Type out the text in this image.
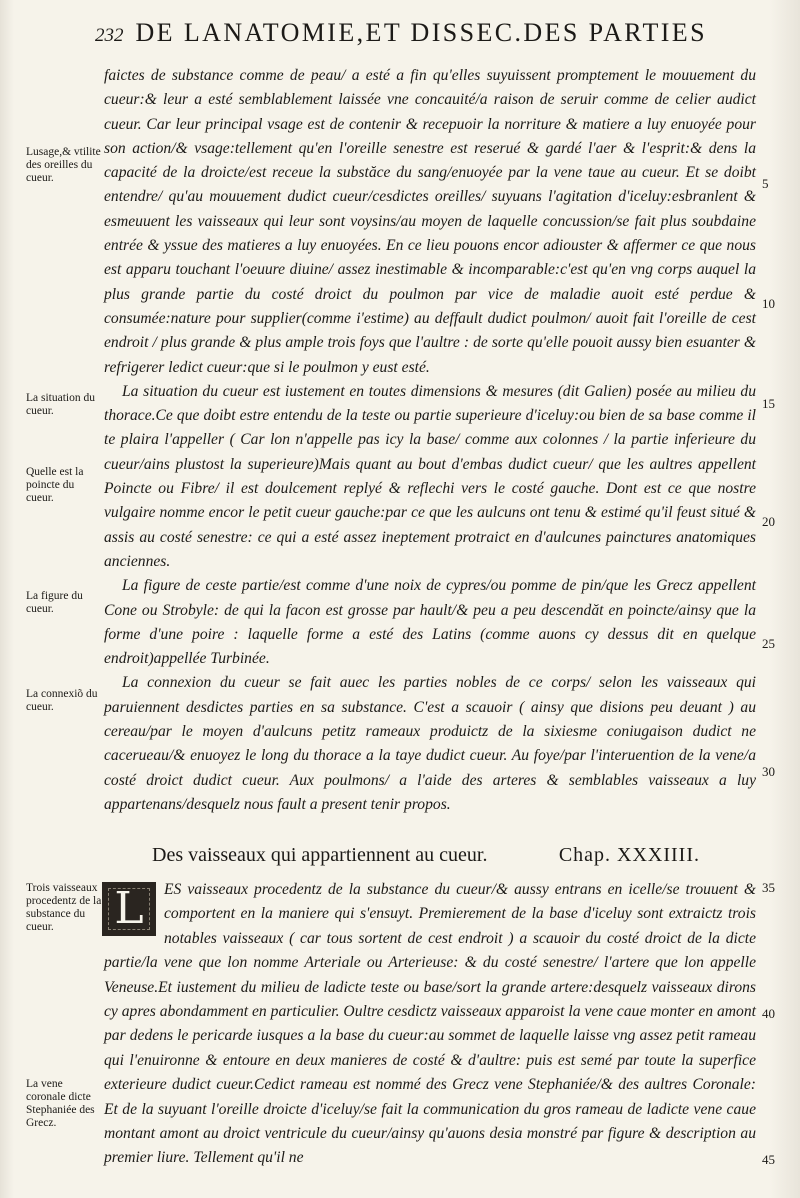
232 DE LANATOMIE,ET DISSEC.DES PARTIES

faictes de substance comme de peau/ a esté a fin qu'elles suyuissent promptement le mouuement du cueur:& leur a esté semblablement laissée vne concauité/a raison de seruir comme de celier audict cueur. Car leur principal vsage est de contenir & recepuoir la norriture & matiere a luy enuoyée pour son action/& vsage:tellement qu'en l'oreille senestre est reserué & gardé l'aer & l'esprit:& dens la capacité de la droicte/est receue la substăce du sang/enuoyée par la vene taue au cueur. Et se doibt entendre/ qu'au mouuement dudict cueur/cesdictes oreilles/ suyuans l'agitation d'iceluy:esbranlent & esmeuuent les vaisseaux qui leur sont voysins/au moyen de laquelle concussion/se fait plus soubdaine entrée & yssue des matieres a luy enuoyées. En ce lieu pouons encor adiouster & affermer ce que nous est apparu touchant l'oeuure diuine/ assez inestimable & incomparable:c'est qu'en vng corps auquel la plus grande partie du costé droict du poulmon par vice de maladie auoit esté perdue & consumée:nature pour supplier(comme i'estime) au deffault dudict poulmon/ auoit fait l'oreille de cest endroit / plus grande & plus ample trois foys que l'aultre : de sorte qu'elle pouoit aussy bien esuanter & refrigerer ledict cueur:que si le poulmon y eust esté.

La situation du cueur est iustement en toutes dimensions & mesures (dit Galien) posée au milieu du thorace.Ce que doibt estre entendu de la teste ou partie superieure d'iceluy:ou bien de sa base comme il te plaira l'appeller ( Car lon n'appelle pas icy la base/ comme aux colonnes / la partie inferieure du cueur/ains plustost la superieure)Mais quant au bout d'embas dudict cueur/ que les aultres appellent Poincte ou Fibre/ il est doulcement replyé & reflechi vers le costé gauche. Dont est ce que nostre vulgaire nomme encor le petit cueur gauche:par ce que les aulcuns ont tenu & estimé qu'il feust situé & assis au costé senestre: ce qui a esté assez ineptement protraict en d'aulcunes painctures anatomiques anciennes.

La figure de ceste partie/est comme d'une noix de cypres/ou pomme de pin/que les Grecz appellent Cone ou Strobyle: de qui la facon est grosse par hault/& peu a peu descendăt en poincte/ainsy que la forme d'une poire : laquelle forme a esté des Latins (comme auons cy dessus dit en quelque endroit)appellée Turbinée.

La connexion du cueur se fait auec les parties nobles de ce corps/ selon les vaisseaux qui paruiennent desdictes parties en sa substance. C'est a scauoir ( ainsy que disions peu deuant ) au cereau/par le moyen d'aulcuns petitz rameaux produictz de la sixiesme coniugaison dudict ne cacerueau/& enuoyez le long du thorace a la taye dudict cueur. Au foye/par l'interuention de la vene/a costé droict dudict cueur. Aux poulmons/ a l'aide des arteres & semblables vaisseaux a luy appartenans/desquelz nous fault a present tenir propos.

Des vaisseaux qui appartiennent au cueur.	Chap. XXXIIII.
L	ES vaisseaux procedentz de la substance du cueur/& aussy entrans en icelle/se trouuent & comportent en la maniere qui s'ensuyt. Premierement de la base d'iceluy sont extraictz trois notables vaisseaux ( car tous sortent de cest endroit ) a scauoir du costé droict de la dicte partie/la vene que lon nomme Arteriale ou Arterieuse: & du costé senestre/ l'artere que lon appelle Veneuse.Et iustement du milieu de ladicte teste ou base/sort la grande artere:desquelz vaisseaux dirons cy apres abondamment en particulier. Oultre cesdictz vaisseaux apparoist la vene caue monter en amont par dedens le pericarde iusques a la base du cueur:au sommet de laquelle laisse vng assez petit rameau qui l'enuironne & entoure en deux manieres de costé & d'aultre: puis est semé par toute la superfice exterieure dudict cueur.Cedict rameau est nommé des Grecz vene Stephaniée/& des aultres Coronale: Et de la suyuant l'oreille droicte d'iceluy/se fait la communication du gros rameau de ladicte vene caue montant amont au droict ventricule du cueur/ainsy qu'auons desia monstré par figure & description au premier liure. Tellement qu'il ne
Lusage,& vtilite des oreilles du cueur.
La situation du cueur.
Quelle est la poincte du cueur.
La figure du cueur.
La connexiõ du cueur.
Trois vaisseaux procedentz de la substance du cueur.
La vene coronale dicte Stephaniée des Grecz.
5
10
15
20
25
30
35
40
45
